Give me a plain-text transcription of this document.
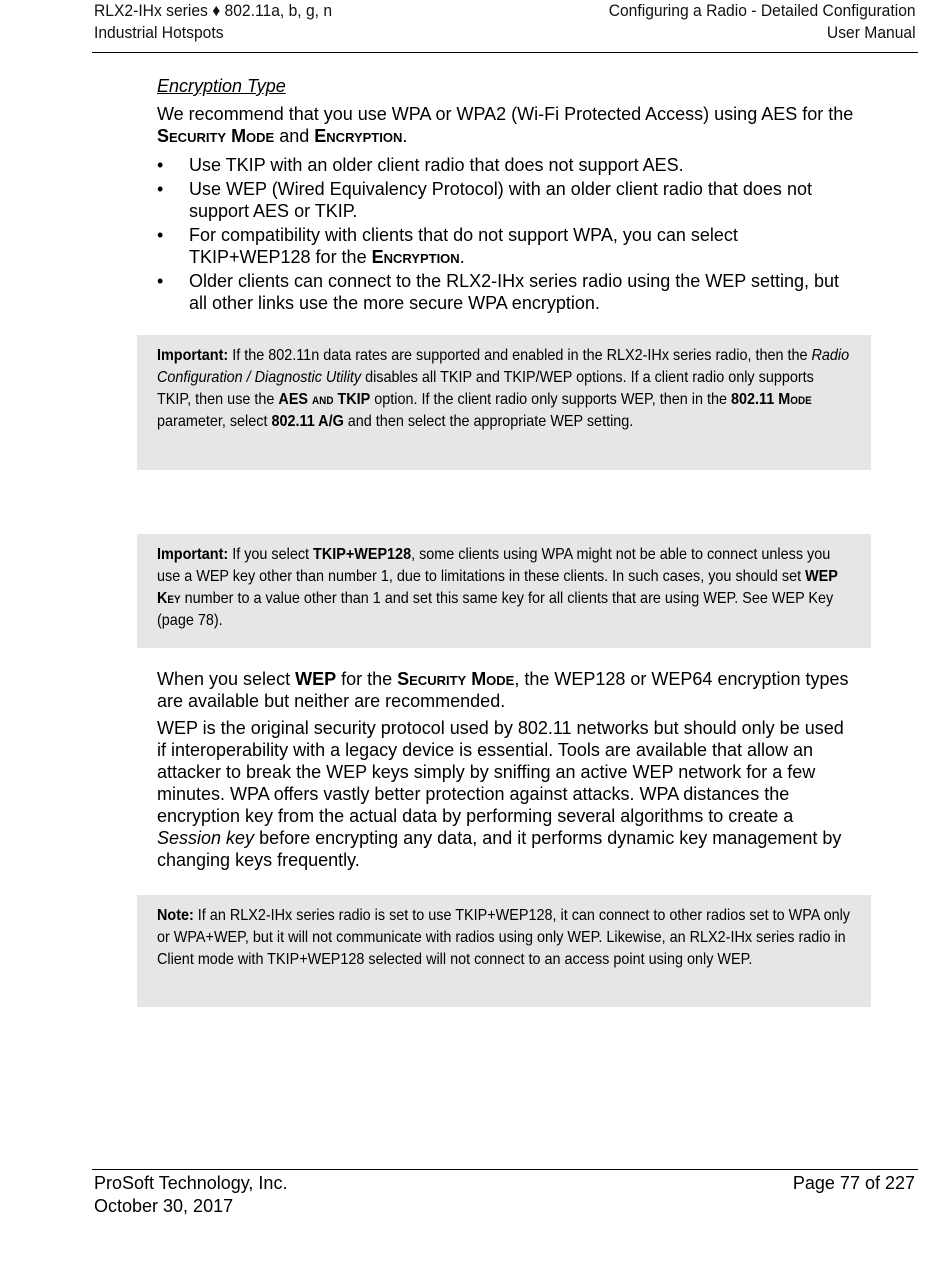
RLX2-IHx series ♦ 802.11a, b, g, n
Industrial Hotspots
Configuring a Radio - Detailed Configuration
User Manual
Encryption Type

We recommend that you use WPA or WPA2 (Wi-Fi Protected Access) using AES for the Security Mode and Encryption.

• Use TKIP with an older client radio that does not support AES.
• Use WEP (Wired Equivalency Protocol) with an older client radio that does not support AES or TKIP.
• For compatibility with clients that do not support WPA, you can select TKIP+WEP128 for the Encryption.
• Older clients can connect to the RLX2-IHx series radio using the WEP setting, but all other links use the more secure WPA encryption.
Important: If the 802.11n data rates are supported and enabled in the RLX2-IHx series radio, then the Radio Configuration / Diagnostic Utility disables all TKIP and TKIP/WEP options. If a client radio only supports TKIP, then use the AES and TKIP option. If the client radio only supports WEP, then in the 802.11 Mode parameter, select 802.11 A/G and then select the appropriate WEP setting.
Important: If you select TKIP+WEP128, some clients using WPA might not be able to connect unless you use a WEP key other than number 1, due to limitations in these clients. In such cases, you should set WEP Key number to a value other than 1 and set this same key for all clients that are using WEP. See WEP Key (page 78).

When you select WEP for the Security Mode, the WEP128 or WEP64 encryption types are available but neither are recommended.

WEP is the original security protocol used by 802.11 networks but should only be used if interoperability with a legacy device is essential. Tools are available that allow an attacker to break the WEP keys simply by sniffing an active WEP network for a few minutes. WPA offers vastly better protection against attacks. WPA distances the encryption key from the actual data by performing several algorithms to create a Session key before encrypting any data, and it performs dynamic key management by changing keys frequently.

Note: If an RLX2-IHx series radio is set to use TKIP+WEP128, it can connect to other radios set to WPA only or WPA+WEP, but it will not communicate with radios using only WEP. Likewise, an RLX2-IHx series radio in Client mode with TKIP+WEP128 selected will not connect to an access point using only WEP.
ProSoft Technology, Inc.
October 30, 2017
Page 77 of 227
